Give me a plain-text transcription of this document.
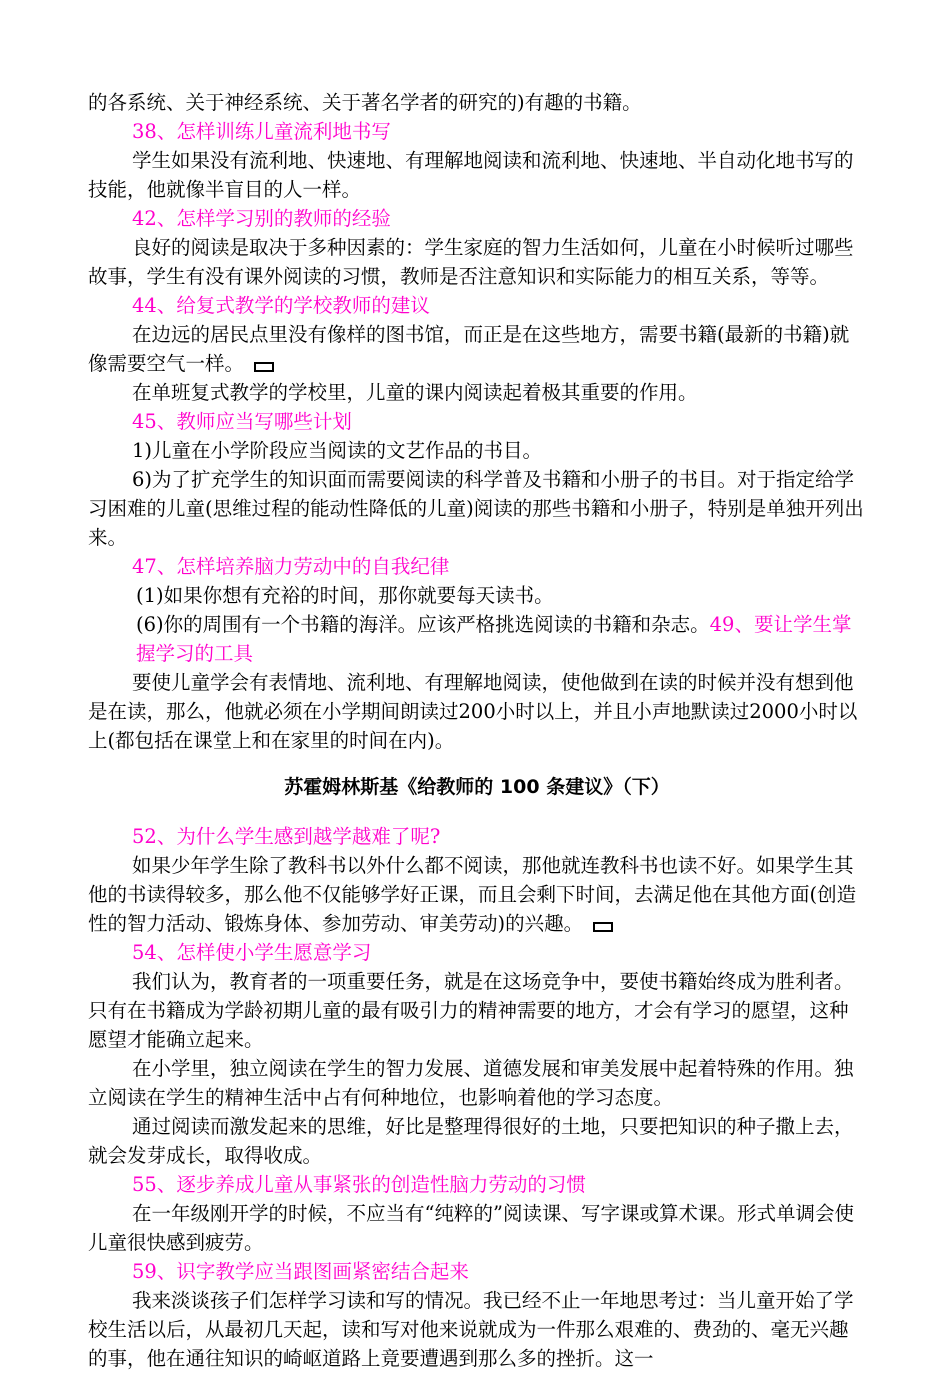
的各系统、关于神经系统、关于著名学者的研究的)有趣的书籍。

38、怎样训练儿童流利地书写

学生如果没有流利地、快速地、有理解地阅读和流利地、快速地、半自动化地书写的技能，他就像半盲目的人一样。

42、怎样学习别的教师的经验

良好的阅读是取决于多种因素的：学生家庭的智力生活如何，儿童在小时候听过哪些故事，学生有没有课外阅读的习惯，教师是否注意知识和实际能力的相互关系，等等。

44、给复式教学的学校教师的建议

在边远的居民点里没有像样的图书馆，而正是在这些地方，需要书籍(最新的书籍)就像需要空气一样。

在单班复式教学的学校里，儿童的课内阅读起着极其重要的作用。

45、教师应当写哪些计划

1)儿童在小学阶段应当阅读的文艺作品的书目。

6)为了扩充学生的知识面而需要阅读的科学普及书籍和小册子的书目。对于指定给学习困难的儿童(思维过程的能动性降低的儿童)阅读的那些书籍和小册子，特别是单独开列出来。

47、怎样培养脑力劳动中的自我纪律

(1)如果你想有充裕的时间，那你就要每天读书。

(6)你的周围有一个书籍的海洋。应该严格挑选阅读的书籍和杂志。49、要让学生掌握学习的工具

要使儿童学会有表情地、流利地、有理解地阅读，使他做到在读的时候并没有想到他是在读，那么，他就必须在小学期间朗读过200小时以上，并且小声地默读过2000小时以上(都包括在课堂上和在家里的时间在内)。

苏霍姆林斯基《给教师的 100 条建议》（下）

52、为什么学生感到越学越难了呢?

如果少年学生除了教科书以外什么都不阅读，那他就连教科书也读不好。如果学生其他的书读得较多，那么他不仅能够学好正课，而且会剩下时间，去满足他在其他方面(创造性的智力活动、锻炼身体、参加劳动、审美劳动)的兴趣。

54、怎样使小学生愿意学习

我们认为，教育者的一项重要任务，就是在这场竞争中，要使书籍始终成为胜利者。只有在书籍成为学龄初期儿童的最有吸引力的精神需要的地方，才会有学习的愿望，这种愿望才能确立起来。

在小学里，独立阅读在学生的智力发展、道德发展和审美发展中起着特殊的作用。独立阅读在学生的精神生活中占有何种地位，也影响着他的学习态度。

通过阅读而激发起来的思维，好比是整理得很好的土地，只要把知识的种子撒上去，就会发芽成长，取得收成。

55、逐步养成儿童从事紧张的创造性脑力劳动的习惯

在一年级刚开学的时候，不应当有“纯粹的”阅读课、写字课或算术课。形式单调会使儿童很快感到疲劳。

59、识字教学应当跟图画紧密结合起来

我来淡谈孩子们怎样学习读和写的情况。我已经不止一年地思考过：当儿童开始了学校生活以后，从最初几天起，读和写对他来说就成为一件那么艰难的、费劲的、毫无兴趣的事，他在通往知识的崎岖道路上竟要遭遇到那么多的挫折。这一
